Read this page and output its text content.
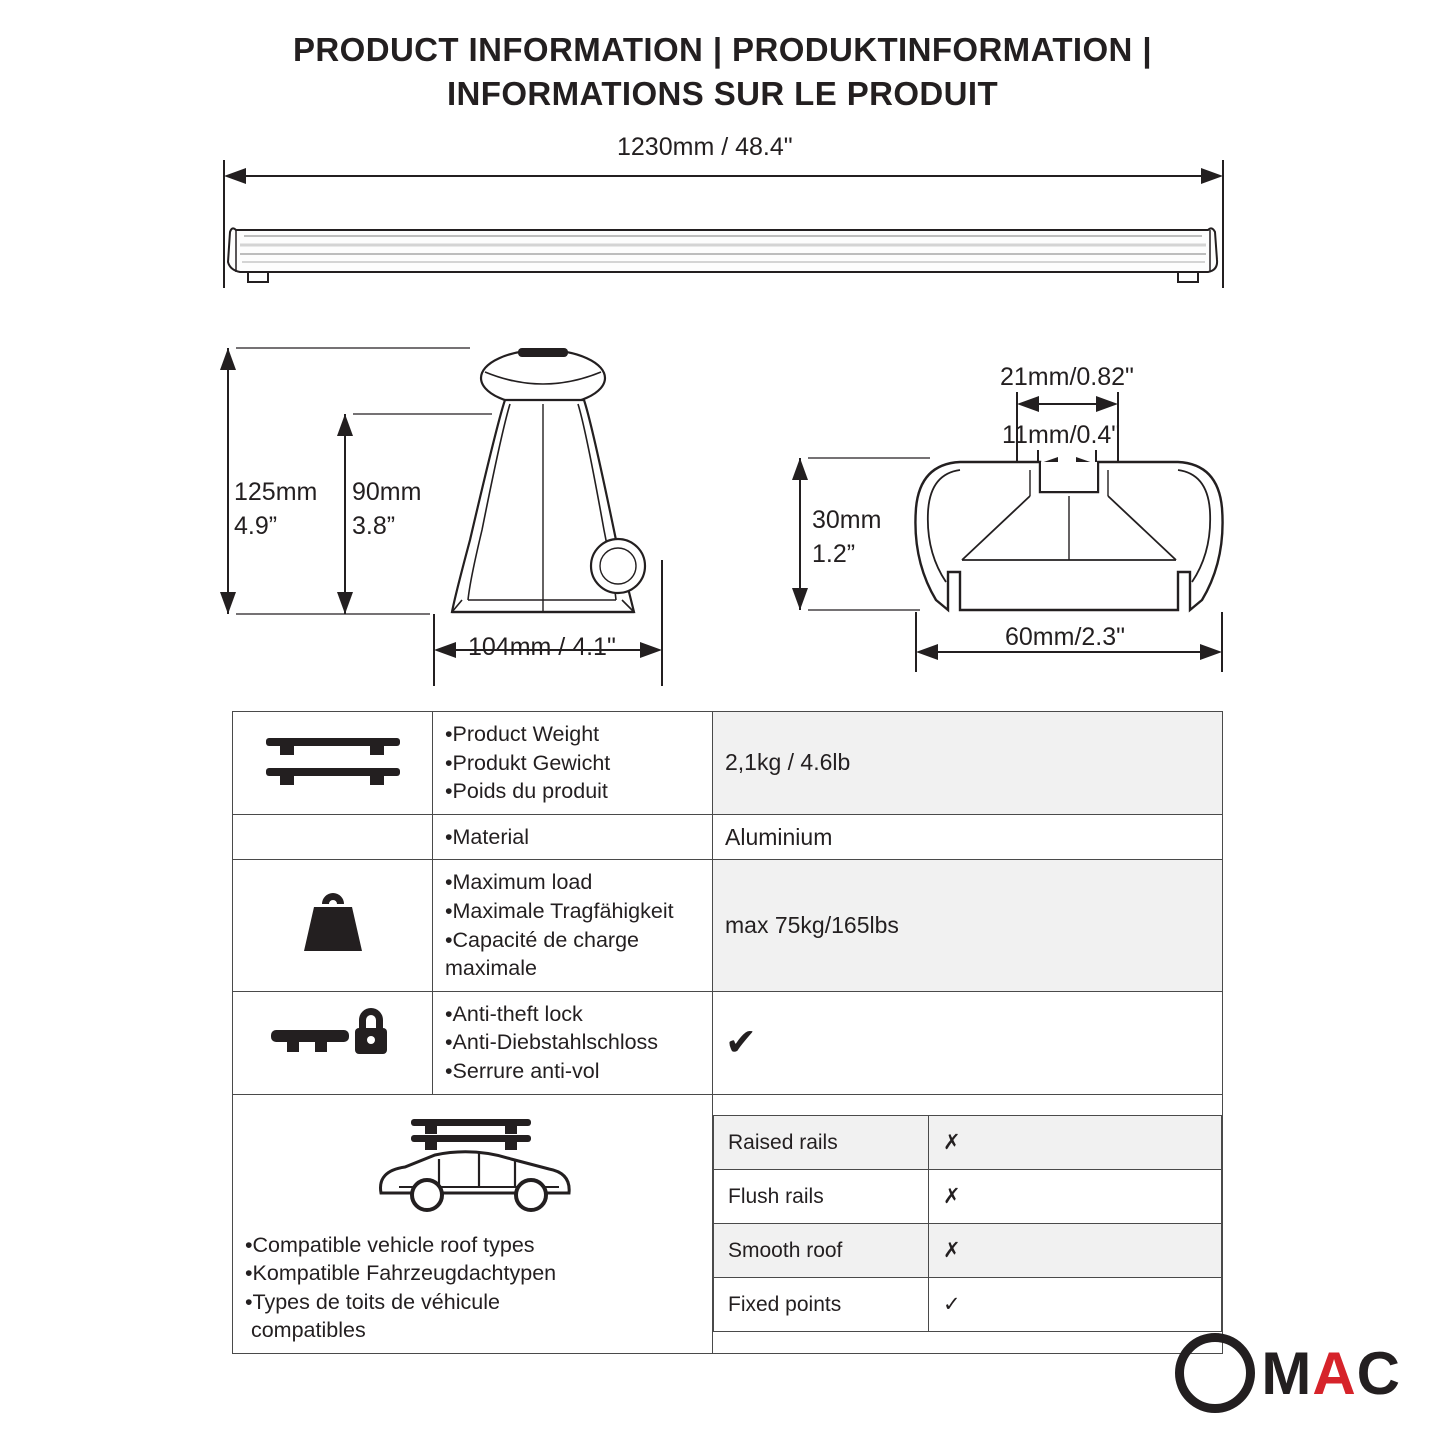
PRODUCT INFORMATION | PRODUKTINFORMATION |
INFORMATIONS SUR LE PRODUIT
1230mm / 48.4"
125mm
4.9”
90mm
3.8”
104mm / 4.1"
21mm/0.82"
11mm/0.4"
30mm
1.2”
60mm/2.3"

•Product Weight
•Produkt Gewicht
•Poids du produit
	2,1kg / 4.6lb
	•Material	Aluminium

•Maximum load
•Maximale Tragfähigkeit
•Capacité de charge maximale
	max 75kg/165lbs

•Anti-theft lock
•Anti-Diebstahlschloss
•Serrure anti-vol
	✔

•Compatible vehicle roof types
•Kompatible Fahrzeugdachtypen
•Types de toits de véhicule
compatibles

Raised rails	✗
Flush rails	✗
Smooth roof	✗
Fixed points	✓
M A C
